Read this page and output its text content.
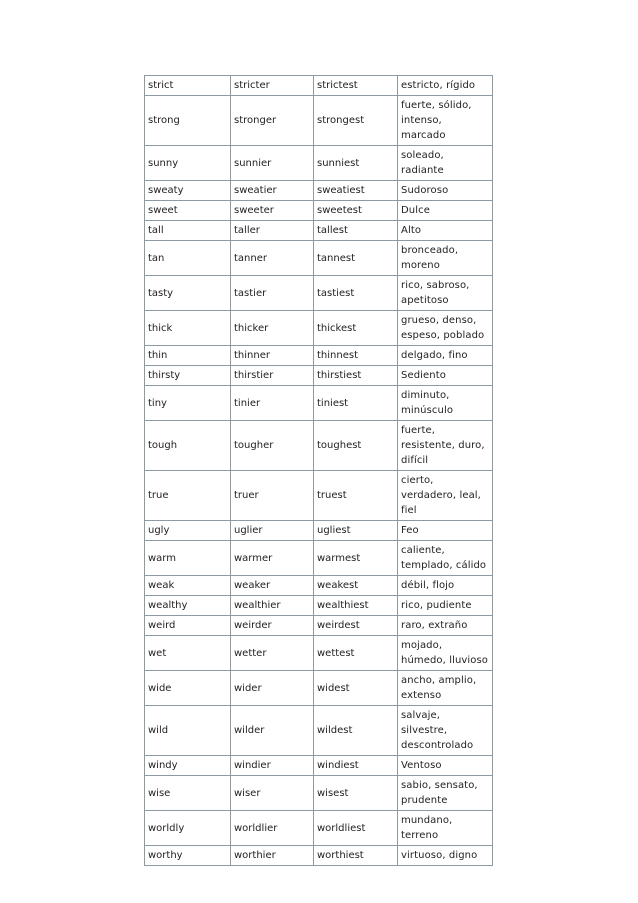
strict	stricter	strictest	estricto, rígido
strong	stronger	strongest	fuerte, sólido, intenso, marcado
sunny	sunnier	sunniest	soleado, radiante
sweaty	sweatier	sweatiest	Sudoroso
sweet	sweeter	sweetest	Dulce
tall	taller	tallest	Alto
tan	tanner	tannest	bronceado, moreno
tasty	tastier	tastiest	rico, sabroso, apetitoso
thick	thicker	thickest	grueso, denso, espeso, poblado
thin	thinner	thinnest	delgado, fino
thirsty	thirstier	thirstiest	Sediento
tiny	tinier	tiniest	diminuto, minúsculo
tough	tougher	toughest	fuerte, resistente, duro, difícil
true	truer	truest	cierto, verdadero, leal, fiel
ugly	uglier	ugliest	Feo
warm	warmer	warmest	caliente, templado, cálido
weak	weaker	weakest	débil, flojo
wealthy	wealthier	wealthiest	rico, pudiente
weird	weirder	weirdest	raro, extraño
wet	wetter	wettest	mojado, húmedo, lluvioso
wide	wider	widest	ancho, amplio, extenso
wild	wilder	wildest	salvaje, silvestre, descontrolado
windy	windier	windiest	Ventoso
wise	wiser	wisest	sabio, sensato, prudente
worldly	worldlier	worldliest	mundano, terreno
worthy	worthier	worthiest	virtuoso, digno
